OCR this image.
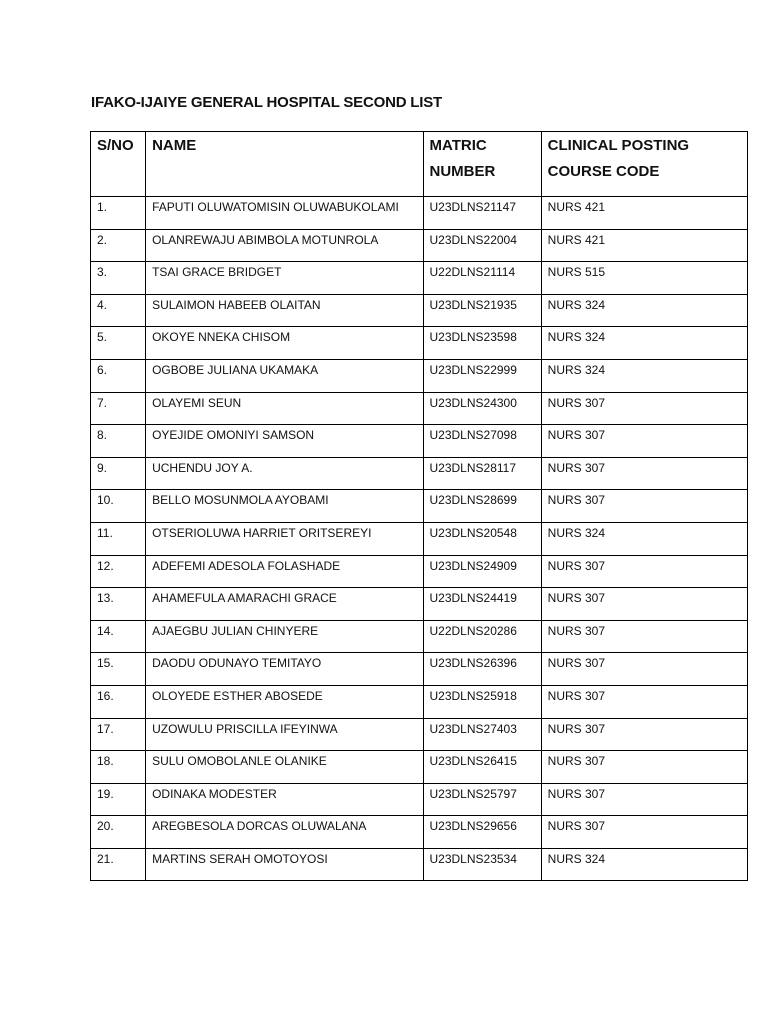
IFAKO-IJAIYE GENERAL HOSPITAL SECOND LIST
S/NO	NAME	MATRIC NUMBER	CLINICAL POSTING COURSE CODE
1.	FAPUTI OLUWATOMISIN OLUWABUKOLAMI	U23DLNS21147	NURS 421
2.	OLANREWAJU ABIMBOLA MOTUNROLA	U23DLNS22004	NURS 421
3.	TSAI GRACE BRIDGET	U22DLNS21114	NURS 515
4.	SULAIMON HABEEB OLAITAN	U23DLNS21935	NURS 324
5.	OKOYE NNEKA CHISOM	U23DLNS23598	NURS 324
6.	OGBOBE JULIANA UKAMAKA	U23DLNS22999	NURS 324
7.	OLAYEMI SEUN	U23DLNS24300	NURS 307
8.	OYEJIDE OMONIYI SAMSON	U23DLNS27098	NURS 307
9.	UCHENDU JOY A.	U23DLNS28117	NURS 307
10.	BELLO MOSUNMOLA AYOBAMI	U23DLNS28699	NURS 307
11.	OTSERIOLUWA HARRIET ORITSEREYI	U23DLNS20548	NURS 324
12.	ADEFEMI ADESOLA FOLASHADE	U23DLNS24909	NURS 307
13.	AHAMEFULA AMARACHI GRACE	U23DLNS24419	NURS 307
14.	AJAEGBU JULIAN CHINYERE	U22DLNS20286	NURS 307
15.	DAODU ODUNAYO TEMITAYO	U23DLNS26396	NURS 307
16.	OLOYEDE ESTHER ABOSEDE	U23DLNS25918	NURS 307
17.	UZOWULU PRISCILLA IFEYINWA	U23DLNS27403	NURS 307
18.	SULU OMOBOLANLE OLANIKE	U23DLNS26415	NURS 307
19.	ODINAKA MODESTER	U23DLNS25797	NURS 307
20.	AREGBESOLA DORCAS OLUWALANA	U23DLNS29656	NURS 307
21.	MARTINS SERAH OMOTOYOSI	U23DLNS23534	NURS 324
